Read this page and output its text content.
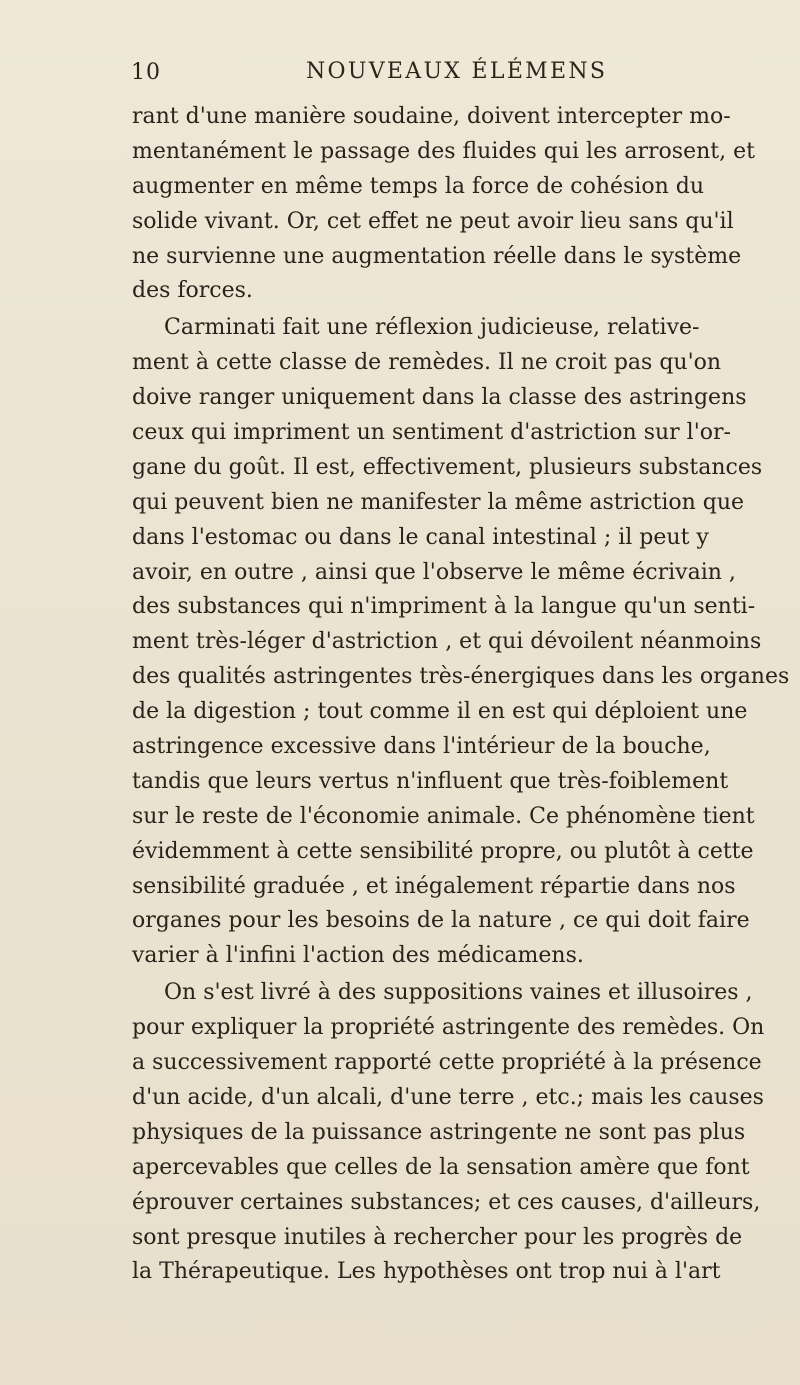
10	NOUVEAUX ÉLÉMENS
rant d'une manière soudaine, doivent intercepter mo-
mentanément le passage des fluides qui les arrosent, et
augmenter en même temps la force de cohésion du
solide vivant. Or, cet effet ne peut avoir lieu sans qu'il
ne survienne une augmentation réelle dans le système
des forces.
Carminati fait une réflexion judicieuse, relative-
ment à cette classe de remèdes. Il ne croit pas qu'on
doive ranger uniquement dans la classe des astringens
ceux qui impriment un sentiment d'astriction sur l'or-
gane du goût. Il est, effectivement, plusieurs substances
qui peuvent bien ne manifester la même astriction que
dans l'estomac ou dans le canal intestinal ; il peut y
avoir, en outre , ainsi que l'observe le même écrivain ,
des substances qui n'impriment à la langue qu'un senti-
ment très-léger d'astriction , et qui dévoilent néanmoins
des qualités astringentes très-énergiques dans les organes
de la digestion ; tout comme il en est qui déploient une
astringence excessive dans l'intérieur de la bouche,
tandis que leurs vertus n'influent que très-foiblement
sur le reste de l'économie animale. Ce phénomène tient
évidemment à cette sensibilité propre, ou plutôt à cette
sensibilité graduée , et inégalement répartie dans nos
organes pour les besoins de la nature , ce qui doit faire
varier à l'infini l'action des médicamens.
On s'est livré à des suppositions vaines et illusoires ,
pour expliquer la propriété astringente des remèdes. On
a successivement rapporté cette propriété à la présence
d'un acide, d'un alcali, d'une terre , etc.; mais les causes
physiques de la puissance astringente ne sont pas plus
apercevables que celles de la sensation amère que font
éprouver certaines substances; et ces causes, d'ailleurs,
sont presque inutiles à rechercher pour les progrès de
la Thérapeutique. Les hypothèses ont trop nui à l'art
